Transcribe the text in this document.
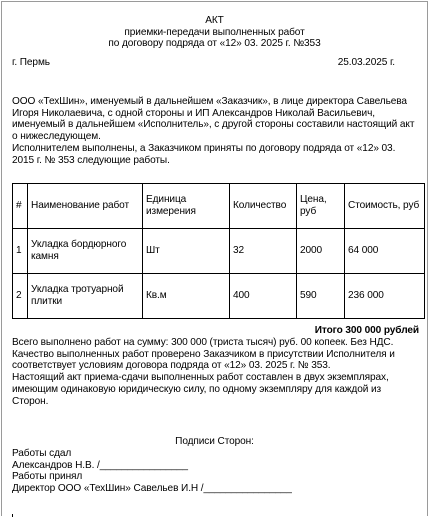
АКТ
приемки-передачи выполненных работ
по договору подряда от «12» 03. 2025 г. №353
г. Пермь	25.03.2025 г.

ООО «ТехШин», именуемый в дальнейшем «Заказчик», в лице директора Савельева Игоря Николаевича, с одной стороны и ИП Александров Николай Васильевич, именуемый в дальнейшем «Исполнитель», с другой стороны составили настоящий акт о нижеследующем.

Исполнителем выполнены, а Заказчиком приняты по договору подряда от «12» 03. 2015 г. № 353 следующие работы.

#	Наименование работ	Единица измерения	Количество	Цена, руб	Стоимость, руб
1	Укладка бордюрного камня	Шт	32	2000	64 000
2	Укладка тротуарной плитки	Кв.м	400	590	236 000
Итого 300 000 рублей

Всего выполнено работ на сумму: 300 000 (триста тысяч) руб. 00 копеек. Без НДС.

Качество выполненных работ проверено Заказчиком в присутствии Исполнителя и соответствует условиям договора подряда от «12» 03. 2025 г. № 353.

Настоящий акт приема-сдачи выполненных работ составлен в двух экземплярах, имеющим одинаковую юридическую силу, по одному экземпляру для каждой из Сторон.

Подписи Сторон:
Работы сдал
Александров Н.В. /________________
Работы принял
Директор ООО «ТехШин» Савельев И.Н /________________
